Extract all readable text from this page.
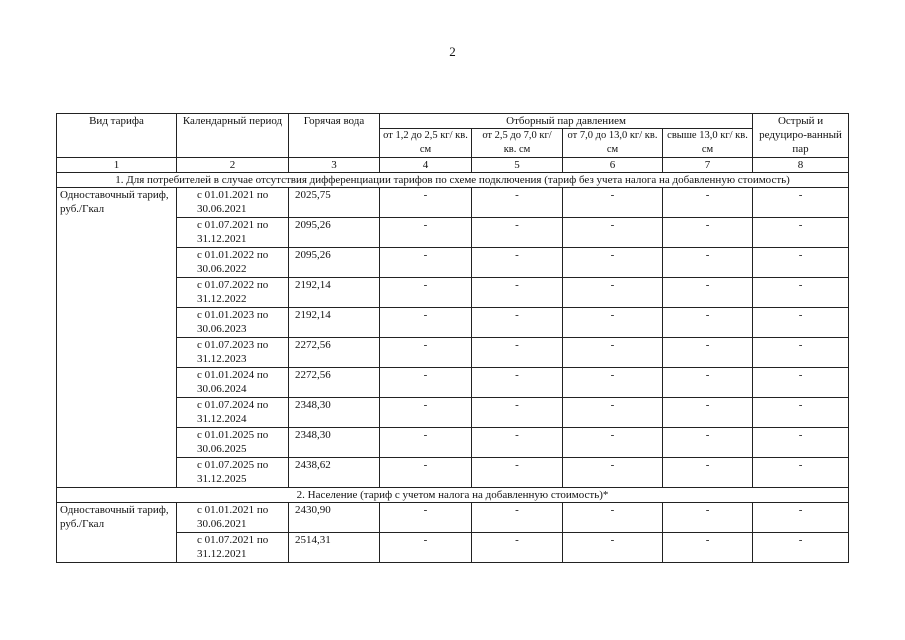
2
Вид тарифа	Календарный период	Горячая вода	Отборный пар давлением				Острый и редуциро-ванный пар
			от 1,2 до 2,5 кг/ кв. см	от 2,5 до 7,0 кг/ кв. см	от 7,0 до 13,0 кг/ кв. см	свыше 13,0 кг/ кв. см	
1	2	3	4	5	6	7	8
1. Для потребителей в случае отсутствия дифференциации тарифов по схеме подключения (тариф без учета налога на добавленную стоимость)							
Одноставочный тариф, руб./Гкал	с 01.01.2021 по 30.06.2021	2025,75	-	-	-	-	-
	с 01.07.2021 по 31.12.2021	2095,26	-	-	-	-	-
	с 01.01.2022 по 30.06.2022	2095,26	-	-	-	-	-
	с 01.07.2022 по 31.12.2022	2192,14	-	-	-	-	-
	с 01.01.2023 по 30.06.2023	2192,14	-	-	-	-	-
	с 01.07.2023 по 31.12.2023	2272,56	-	-	-	-	-
	с 01.01.2024 по 30.06.2024	2272,56	-	-	-	-	-
	с 01.07.2024 по 31.12.2024	2348,30	-	-	-	-	-
	с 01.01.2025 по 30.06.2025	2348,30	-	-	-	-	-
	с 01.07.2025 по 31.12.2025	2438,62	-	-	-	-	-
2. Население (тариф с учетом налога на добавленную стоимость)*							
Одноставочный тариф, руб./Гкал	с 01.01.2021 по 30.06.2021	2430,90	-	-	-	-	-
	с 01.07.2021 по 31.12.2021	2514,31	-	-	-	-	-
